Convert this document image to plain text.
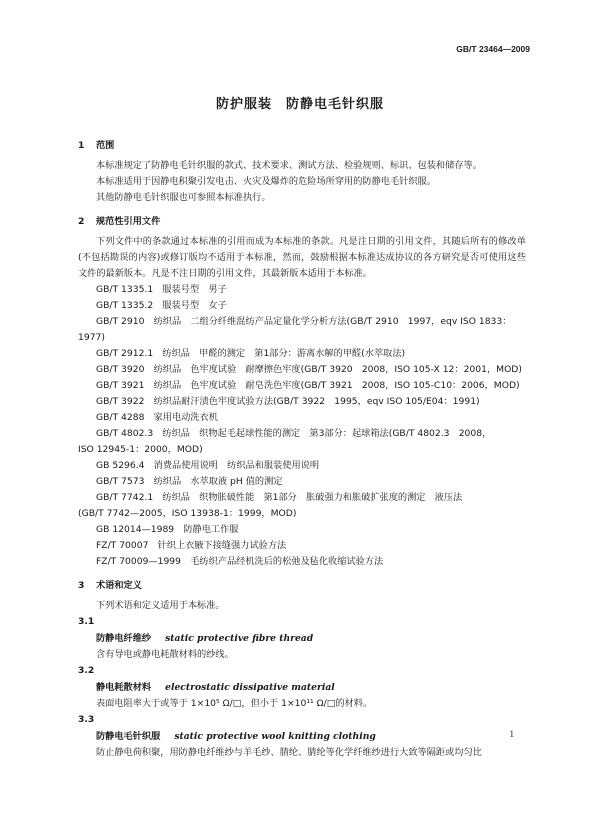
GB/T 23464—2009
防护服装　防静电毛针织服

1 范围

本标准规定了防静电毛针织服的款式、技术要求、测试方法、检验规则、标识、包装和储存等。

本标准适用于因静电积聚引发电击、火灾及爆炸的危险场所穿用的防静电毛针织服。

其他防静电毛针织服也可参照本标准执行。

2 规范性引用文件

下列文件中的条款通过本标准的引用而成为本标准的条款。凡是注日期的引用文件，其随后所有的修改单(不包括勘误的内容)或修订版均不适用于本标准，然而，鼓励根据本标准达成协议的各方研究是否可使用这些文件的最新版本。凡是不注日期的引用文件，其最新版本适用于本标准。

GB/T 1335.1　服装号型　男子

GB/T 1335.2　服装号型　女子

GB/T 2910　纺织品　二组分纤维混纺产品定量化学分析方法(GB/T 2910　1997，eqv ISO 1833：
1977)

GB/T 2912.1　纺织品　甲醛的测定　第1部分：游离水解的甲醛(水萃取法)

GB/T 3920　纺织品　色牢度试验　耐摩擦色牢度(GB/T 3920　2008，ISO 105-X 12：2001，MOD)

GB/T 3921　纺织品　色牢度试验　耐皂洗色牢度(GB/T 3921　2008，ISO 105-C10：2006，MOD)

GB/T 3922　纺织品耐汗渍色牢度试验方法(GB/T 3922　1995，eqv ISO 105/E04：1991)

GB/T 4288　家用电动洗衣机

GB/T 4802.3　纺织品　织物起毛起球性能的测定　第3部分：起球箱法(GB/T 4802.3　2008，
ISO 12945-1：2000，MOD)

GB 5296.4　消费品使用说明　纺织品和服装使用说明

GB/T 7573　纺织品　水萃取液 pH 值的测定

GB/T 7742.1　纺织品　织物胀破性能　第1部分　胀破强力和胀破扩张度的测定　液压法
(GB/T 7742—2005，ISO 13938-1：1999，MOD)

GB 12014—1989　防静电工作服

FZ/T 70007　针织上衣腋下接缝强力试验方法

FZ/T 70009—1999　毛纺织产品经机洗后的松弛及毡化收缩试验方法

3 术语和定义

下列术语和定义适用于本标准。

3.1

防静电纤维纱 static protective fibre thread

含有导电或静电耗散材料的纱线。

3.2

静电耗散材料 electrostatic dissipative material

表面电阻率大于或等于 1×10⁵ Ω/□，但小于 1×10¹¹ Ω/□的材料。

3.3

防静电毛针织服 static protective wool knitting clothing

防止静电荷积聚，用防静电纤维纱与羊毛纱、腈纶、腈纶等化学纤维纱进行大致等隔距或均匀比

1
